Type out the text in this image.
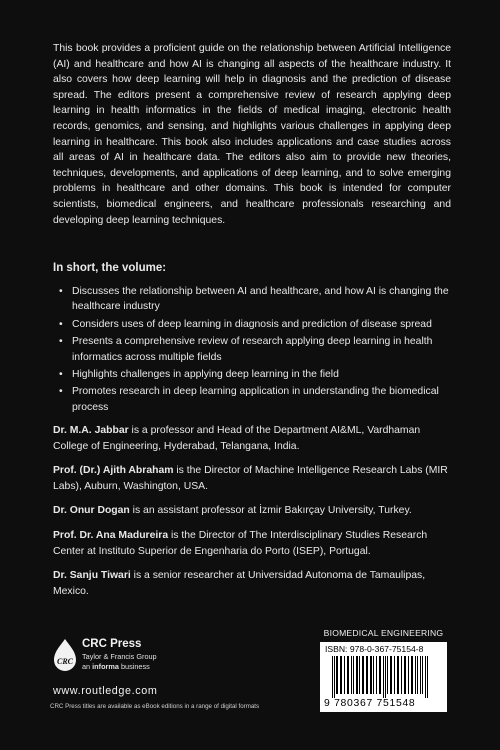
This book provides a proficient guide on the relationship between Artificial Intelligence (AI) and healthcare and how AI is changing all aspects of the healthcare industry. It also covers how deep learning will help in diagnosis and the prediction of disease spread. The editors present a comprehensive review of research applying deep learning in health informatics in the fields of medical imaging, electronic health records, genomics, and sensing, and highlights various challenges in applying deep learning in healthcare. This book also includes applications and case studies across all areas of AI in healthcare data. The editors also aim to provide new theories, techniques, developments, and applications of deep learning, and to solve emerging problems in healthcare and other domains. This book is intended for computer scientists, biomedical engineers, and healthcare professionals researching and developing deep learning techniques.

In short, the volume:

• Discusses the relationship between AI and healthcare, and how AI is changing the healthcare industry
• Considers uses of deep learning in diagnosis and prediction of disease spread
• Presents a comprehensive review of research applying deep learning in health informatics across multiple fields
• Highlights challenges in applying deep learning in the field
• Promotes research in deep learning application in understanding the biomedical process

Dr. M.A. Jabbar is a professor and Head of the Department AI&ML, Vardhaman College of Engineering, Hyderabad, Telangana, India.

Prof. (Dr.) Ajith Abraham is the Director of Machine Intelligence Research Labs (MIR Labs), Auburn, Washington, USA.

Dr. Onur Dogan is an assistant professor at İzmir Bakırçay University, Turkey.

Prof. Dr. Ana Madureira is the Director of The Interdisciplinary Studies Research Center at Instituto Superior de Engenharia do Porto (ISEP), Portugal.

Dr. Sanju Tiwari is a senior researcher at Universidad Autonoma de Tamaulipas, Mexico.

CRC

CRC Press

Taylor & Francis Group

an informa business

www.routledge.com

CRC Press titles are available as eBook editions in a range of digital formats

BIOMEDICAL ENGINEERING

ISBN: 978-0-367-75154-8

9 780367 751548
